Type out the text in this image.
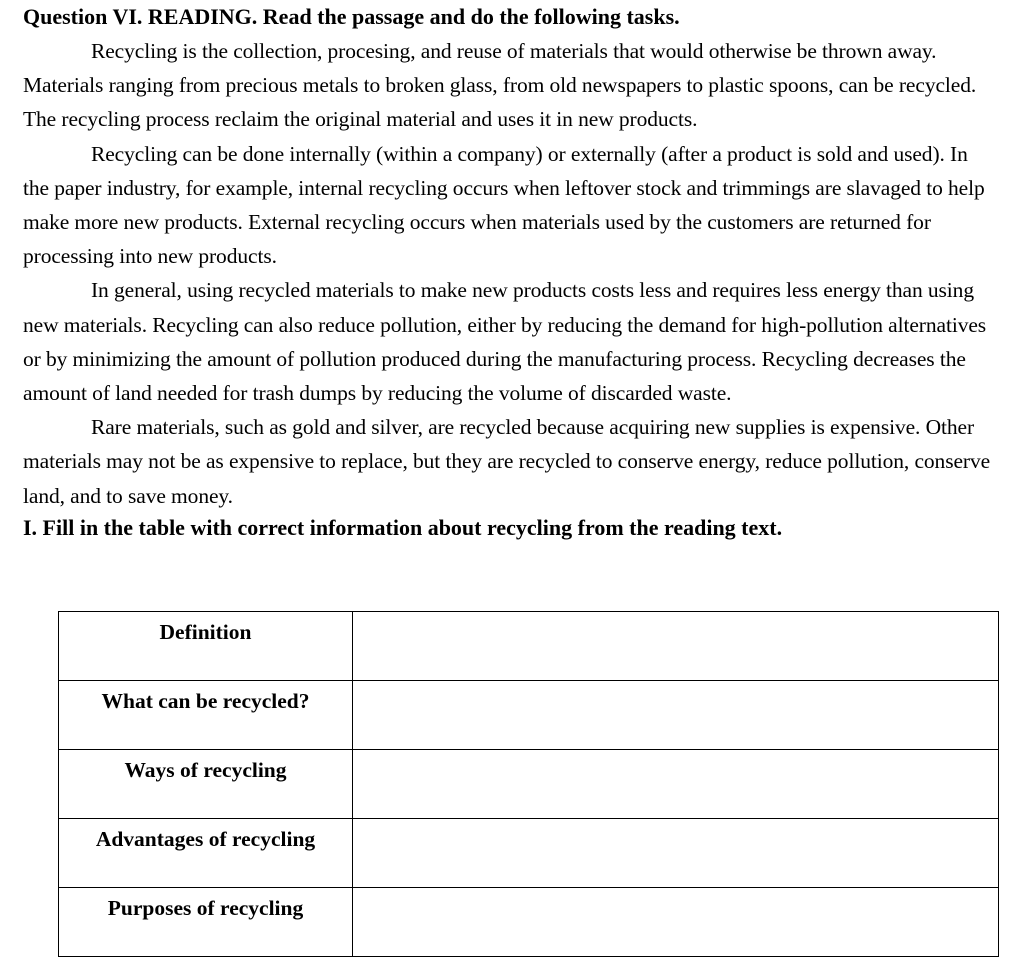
Question VI. READING. Read the passage and do the following tasks.

Recycling is the collection, procesing, and reuse of materials that would otherwise be thrown away. Materials ranging from precious metals to broken glass, from old newspapers to plastic spoons, can be recycled. The recycling process reclaim the original material and uses it in new products.

Recycling can be done internally (within a company) or externally (after a product is sold and used). In the paper industry, for example, internal recycling occurs when leftover stock and trimmings are slavaged to help make more new products. External recycling occurs when materials used by the customers are returned for processing into new products.

In general, using recycled materials to make new products costs less and requires less energy than using new materials. Recycling can also reduce pollution, either by reducing the demand for high-pollution alternatives or by minimizing the amount of pollution produced during the manufacturing process. Recycling decreases the amount of land needed for trash dumps by reducing the volume of discarded waste.

Rare materials, such as gold and silver, are recycled because acquiring new supplies is expensive. Other materials may not be as expensive to replace, but they are recycled to conserve energy, reduce pollution, conserve land, and to save money.

I. Fill in the table with correct information about recycling from the reading text.
Definition	
What can be recycled?	
Ways of recycling	
Advantages of recycling	
Purposes of recycling	
